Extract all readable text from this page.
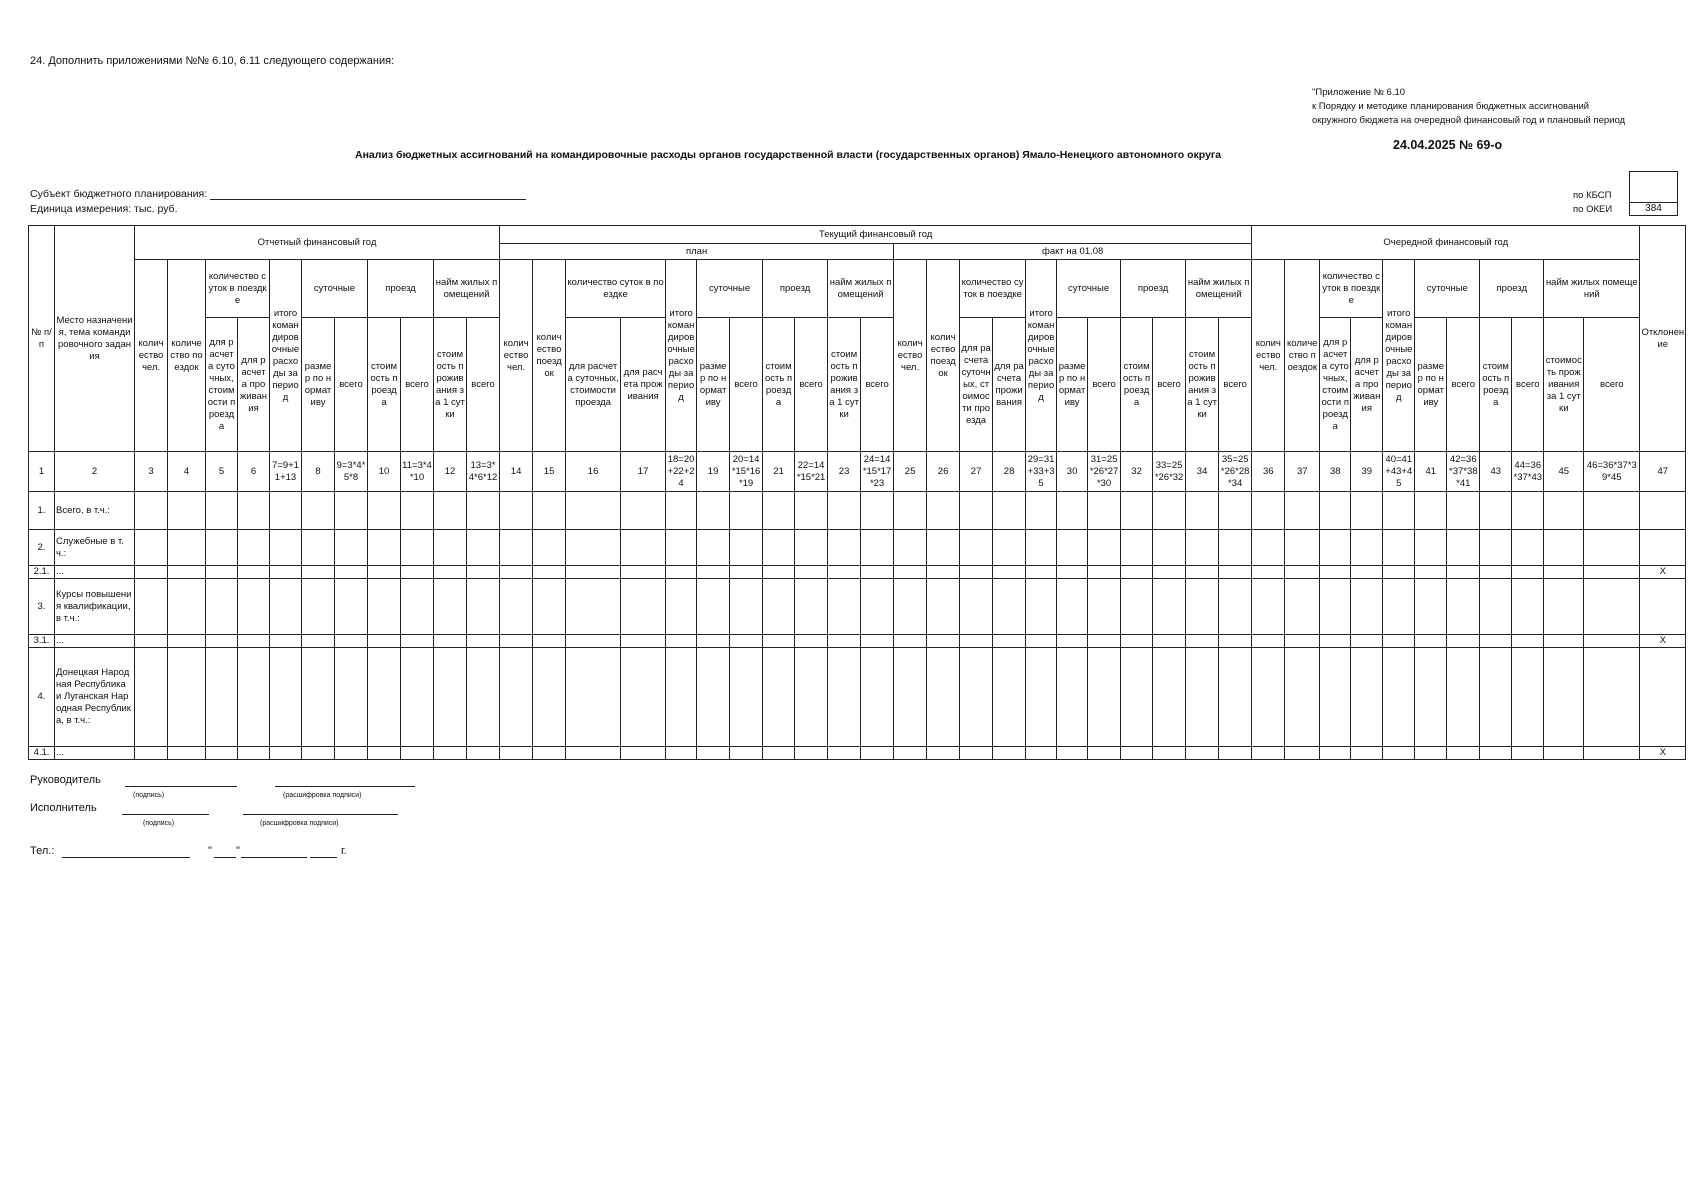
24. Дополнить приложениями №№ 6.10, 6.11 следующего содержания:
"Приложение № 6.10
к Порядку и методике планирования бюджетных ассигнований
окружного бюджета на очередной финансовый год и плановый период
24.04.2025 № 69-о
Анализ бюджетных ассигнований на командировочные расходы органов государственной власти (государственных органов) Ямало-Ненецкого автономного округа
Субъект бюджетного планирования:
Единица измерения: тыс. руб.
по КБСП
по ОКЕИ	384
№ п/п	Место назначения, тема командировочного задания	Отчетный финансовый год											Текущий финансовый год																						Очередной финансовый год											Отклонение
													план											факт на 01.08																						
		количество чел.	количество поездок	количество суток в поездке		итого командировочные расходы за период	суточные		проезд		найм жилых помещений		количество чел.	количество поездок	количество суток в поездке		итого командировочные расходы за период	суточные		проезд		найм жилых помещений		количество чел.	количество поездок	количество суток в поездке		итого командировочные расходы за период	суточные		проезд		найм жилых помещений		количество чел.	количество поездок	количество суток в поездке		итого командировочные расходы за период	суточные		проезд		найм жилых помещений		
				для расчета суточных, стоимости проезда	для расчета проживания		размер по нормативу	всего	стоимость проезда	всего	стоимость проживания за 1 сутки	всего			для расчета суточных, стоимости проезда	для расчета проживания		размер по нормативу	всего	стоимость проезда	всего	стоимость проживания за 1 сутки	всего			для расчета суточных, стоимости проезда	для расчета проживания		размер по нормативу	всего	стоимость проезда	всего	стоимость проживания за 1 сутки	всего			для расчета суточных, стоимости проезда	для расчета проживания		размер по нормативу	всего	стоимость проезда	всего	стоимость проживания за 1 сутки	всего	
1	2	3	4	5	6	7=9+11+13	8	9=3*4*5*8	10	11=3*4*10	12	13=3*4*6*12	14	15	16	17	18=20+22+24	19	20=14*15*16*19	21	22=14*15*21	23	24=14*15*17*23	25	26	27	28	29=31+33+35	30	31=25*26*27*30	32	33=25*26*32	34	35=25*26*28*34	36	37	38	39	40=41+43+45	41	42=36*37*38*41	43	44=36*37*43	45	46=36*37*39*45	47
1.	Всего, в т.ч.:																																													
2.	Служебные в т.ч.:																																													
2.1.	...																																													X
3.	Курсы повышения квалификации, в т.ч.:																																													
3.1.	...																																													X
4.	Донецкая Народная Республика и Луганская Народная Республика, в т.ч.:																																													
4.1.	...																																													X
Руководитель
(подпись)	(расшифровка подписи)
Исполнитель
(подпись)	(расшифровка подписи)
Тел.:	" "	г.
